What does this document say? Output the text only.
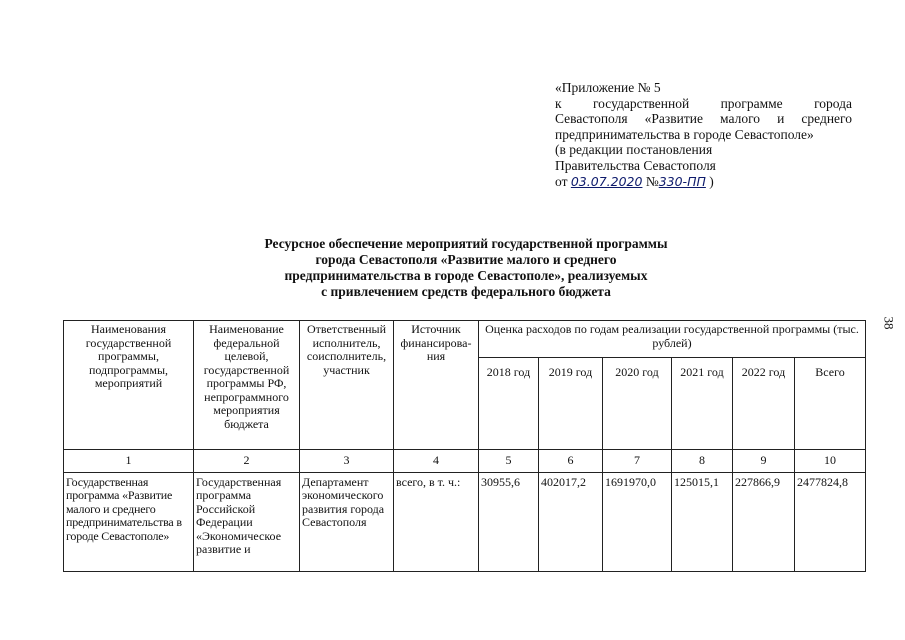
«Приложение № 5
к государственной программе города
Севастополя «Развитие малого и среднего
предпринимательства в городе Севастополе»
(в редакции постановления
Правительства Севастополя
от 03.07.2020 №330-ПП )
38
Ресурсное обеспечение мероприятий государственной программы
города Севастополя «Развитие малого и среднего
предпринимательства в городе Севастополе», реализуемых
с привлечением средств федерального бюджета
Наименования государственной программы, подпрограммы, мероприятий	Наименование федеральной целевой, государственной программы РФ, непрограммного мероприятия бюджета	Ответственный исполнитель, соисполнитель, участник	Источник финансирова-ния	Оценка расходов по годам реализации государственной программы (тыс. рублей)					
				2018 год	2019 год	2020 год	2021 год	2022 год	Всего
1	2	3	4	5	6	7	8	9	10
Государственная программа «Развитие малого и среднего предпринимательства в городе Севастополе»	Государственная программа Российской Федерации «Экономическое развитие и	Департамент экономического развития города Севастополя	всего, в т. ч.:	30955,6	402017,2	1691970,0	125015,1	227866,9	2477824,8
